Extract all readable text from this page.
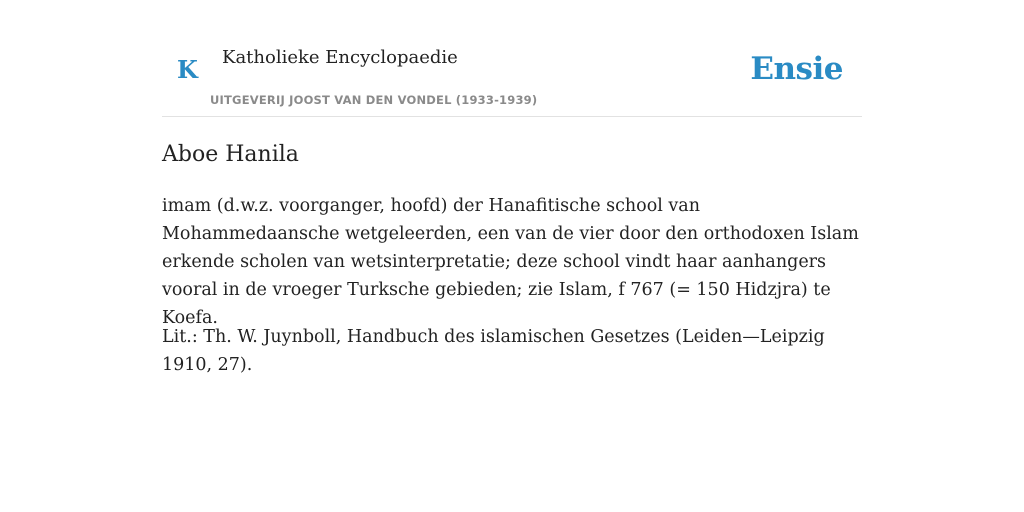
K Katholieke Encyclopaedie
UITGEVERIJ JOOST VAN DEN VONDEL (1933-1939)
Ensie
Aboe Hanila

imam (d.w.z. voorganger, hoofd) der Hanafitische school van Mohammedaansche wetgeleerden, een van de vier door den orthodoxen Islam erkende scholen van wetsinterpretatie; deze school vindt haar aanhangers vooral in de vroeger Turksche gebieden; zie Islam, f 767 (= 150 Hidzjra) te Koefa.

Lit.: Th. W. Juynboll, Handbuch des islamischen Gesetzes (Leiden—Leipzig 1910, 27).
